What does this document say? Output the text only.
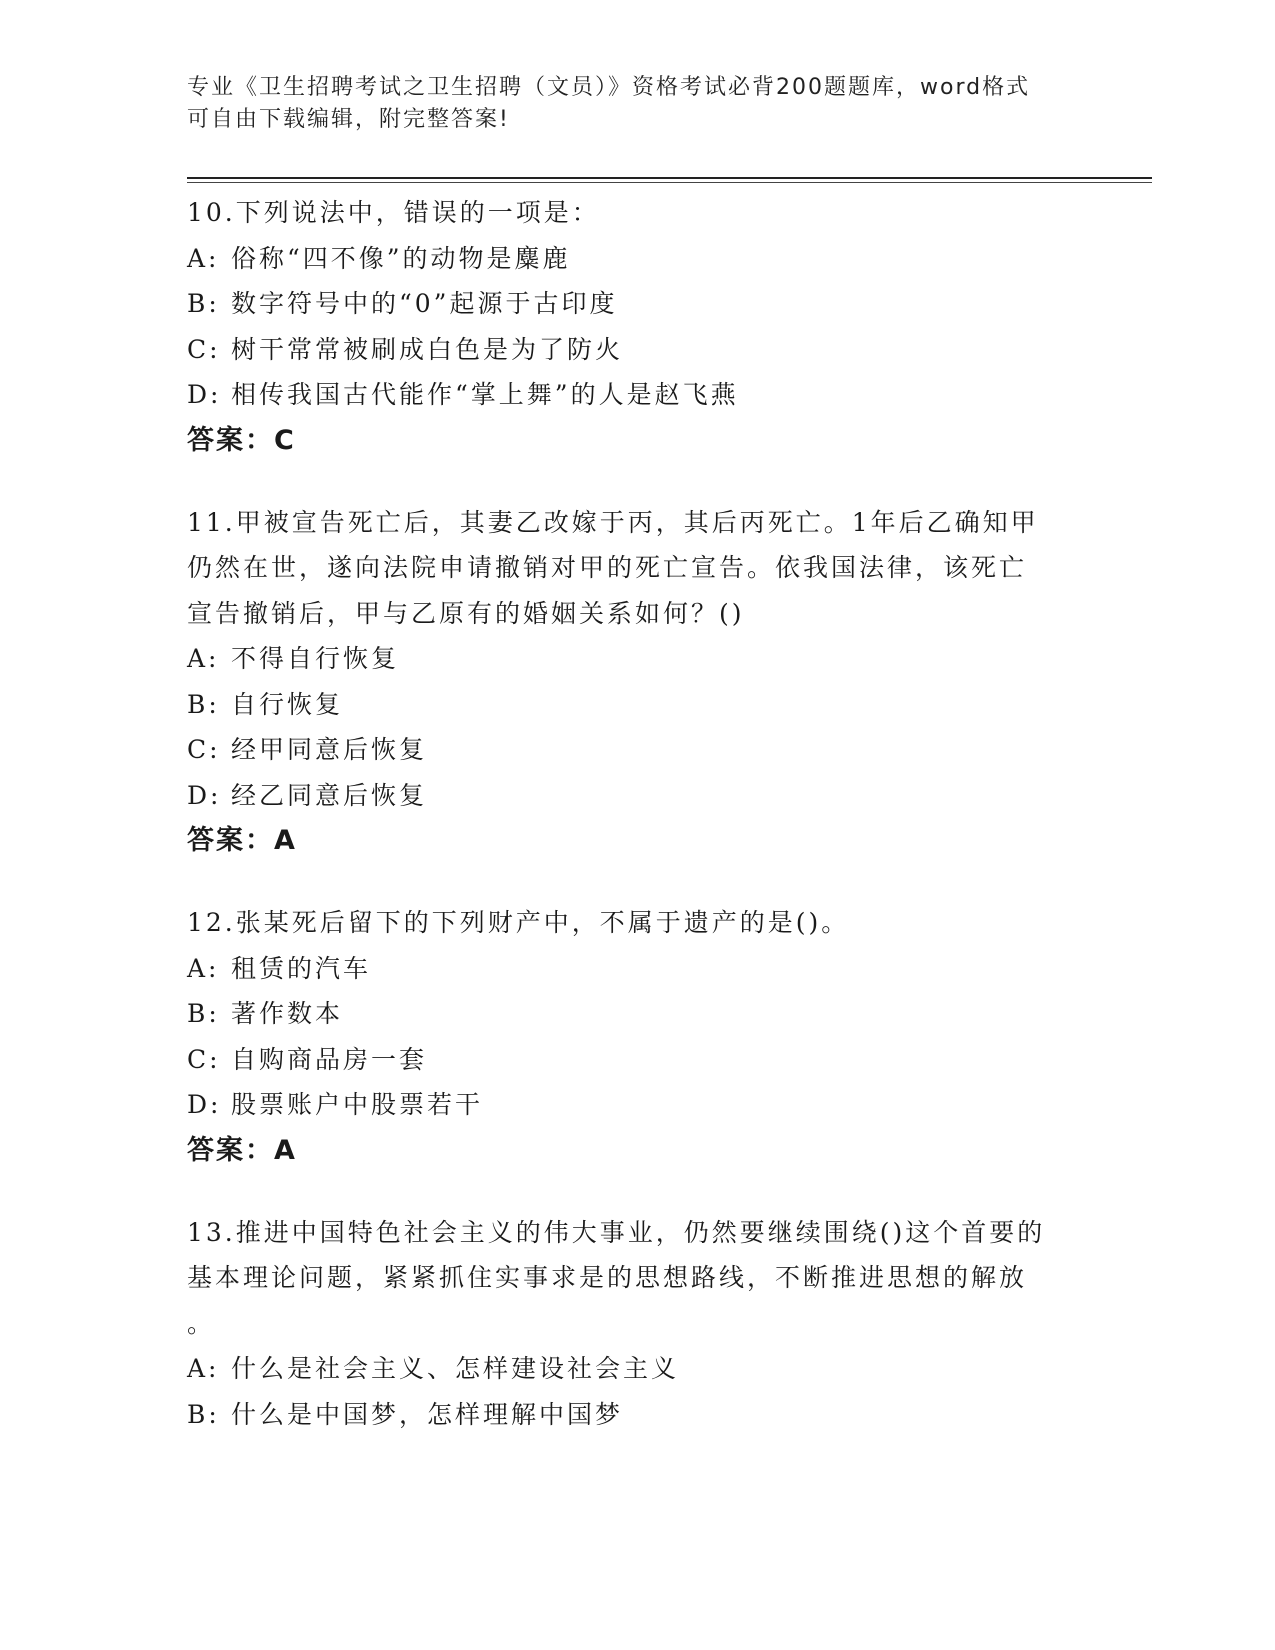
专业《卫生招聘考试之卫生招聘（文员）》资格考试必背200题题库，word格式
可自由下载编辑，附完整答案!

10.下列说法中，错误的一项是：

A: 俗称“四不像”的动物是麋鹿
B: 数字符号中的“0”起源于古印度
C: 树干常常被刷成白色是为了防火
D: 相传我国古代能作“掌上舞”的人是赵飞燕
答案：C

11.甲被宣告死亡后，其妻乙改嫁于丙，其后丙死亡。1年后乙确知甲

仍然在世，遂向法院申请撤销对甲的死亡宣告。依我国法律，该死亡

宣告撤销后，甲与乙原有的婚姻关系如何？()

A: 不得自行恢复
B: 自行恢复
C: 经甲同意后恢复
D: 经乙同意后恢复
答案：A

12.张某死后留下的下列财产中，不属于遗产的是()。

A: 租赁的汽车
B: 著作数本
C: 自购商品房一套
D: 股票账户中股票若干
答案：A

13.推进中国特色社会主义的伟大事业，仍然要继续围绕()这个首要的

基本理论问题，紧紧抓住实事求是的思想路线，不断推进思想的解放

。

A: 什么是社会主义、怎样建设社会主义
B: 什么是中国梦，怎样理解中国梦
